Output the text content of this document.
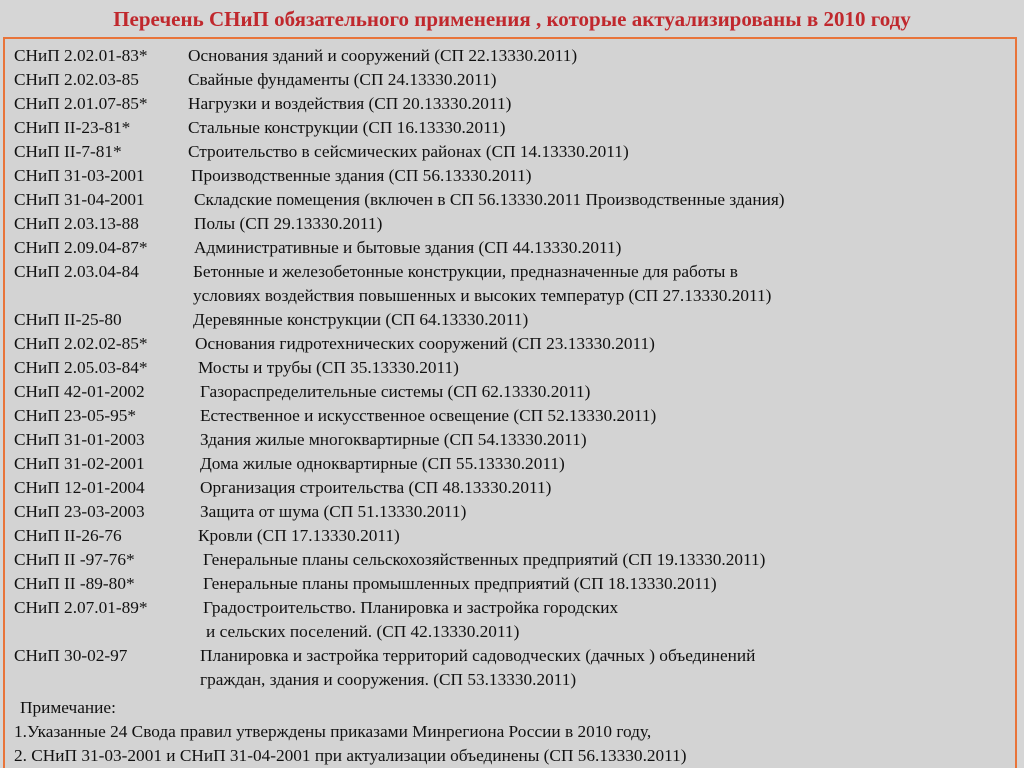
Перечень СНиП обязательного применения , которые актуализированы в 2010 году
СНиП 2.02.01-83* Основания зданий и сооружений (СП 22.13330.2011)
СНиП 2.02.03-85	Свайные фундаменты (СП 24.13330.2011)
СНиП 2.01.07-85* Нагрузки и воздействия (СП 20.13330.2011)
СНиП II-23-81*	Стальные конструкции (СП 16.13330.2011)
СНиП II-7-81*	Строительство в сейсмических районах (СП 14.13330.2011)
СНиП 31-03-2001	Производственные здания (СП 56.13330.2011)
СНиП 31-04-2001	Складские помещения (включен в СП 56.13330.2011 Производственные здания)
СНиП 2.03.13-88	Полы (СП 29.13330.2011)
СНиП 2.09.04-87*	Административные и бытовые здания (СП 44.13330.2011)
СНиП 2.03.04-84	Бетонные и железобетонные конструкции, предназначенные для работы в
условиях воздействия повышенных и высоких температур (СП 27.13330.2011)
СНиП II-25-80	Деревянные конструкции (СП 64.13330.2011)
СНиП 2.02.02-85*	Основания гидротехнических сооружений (СП 23.13330.2011)
СНиП 2.05.03-84*	Мосты и трубы (СП 35.13330.2011)
СНиП 42-01-2002	Газораспределительные системы (СП 62.13330.2011)
СНиП 23-05-95*	Естественное и искусственное освещение (СП 52.13330.2011)
СНиП 31-01-2003	Здания жилые многоквартирные (СП 54.13330.2011)
СНиП 31-02-2001	Дома жилые одноквартирные (СП 55.13330.2011)
СНиП 12-01-2004	Организация строительства (СП 48.13330.2011)
СНиП 23-03-2003	Защита от шума (СП 51.13330.2011)
СНиП II-26-76	Кровли (СП 17.13330.2011)
СНиП II -97-76*	Генеральные планы сельскохозяйственных предприятий (СП 19.13330.2011)
СНиП II -89-80*	Генеральные планы промышленных предприятий (СП 18.13330.2011)
СНиП 2.07.01-89*	Градостроительство. Планировка и застройка городских
и сельских поселений. (СП 42.13330.2011)
СНиП 30-02-97	Планировка и застройка территорий садоводческих (дачных ) объединений
граждан, здания и сооружения. (СП 53.13330.2011)
Примечание:
1.Указанные 24 Свода правил утверждены приказами Минрегиона России в 2010 году,
2. СНиП 31-03-2001 и СНиП 31-04-2001 при актуализации объединены (СП 56.13330.2011)
